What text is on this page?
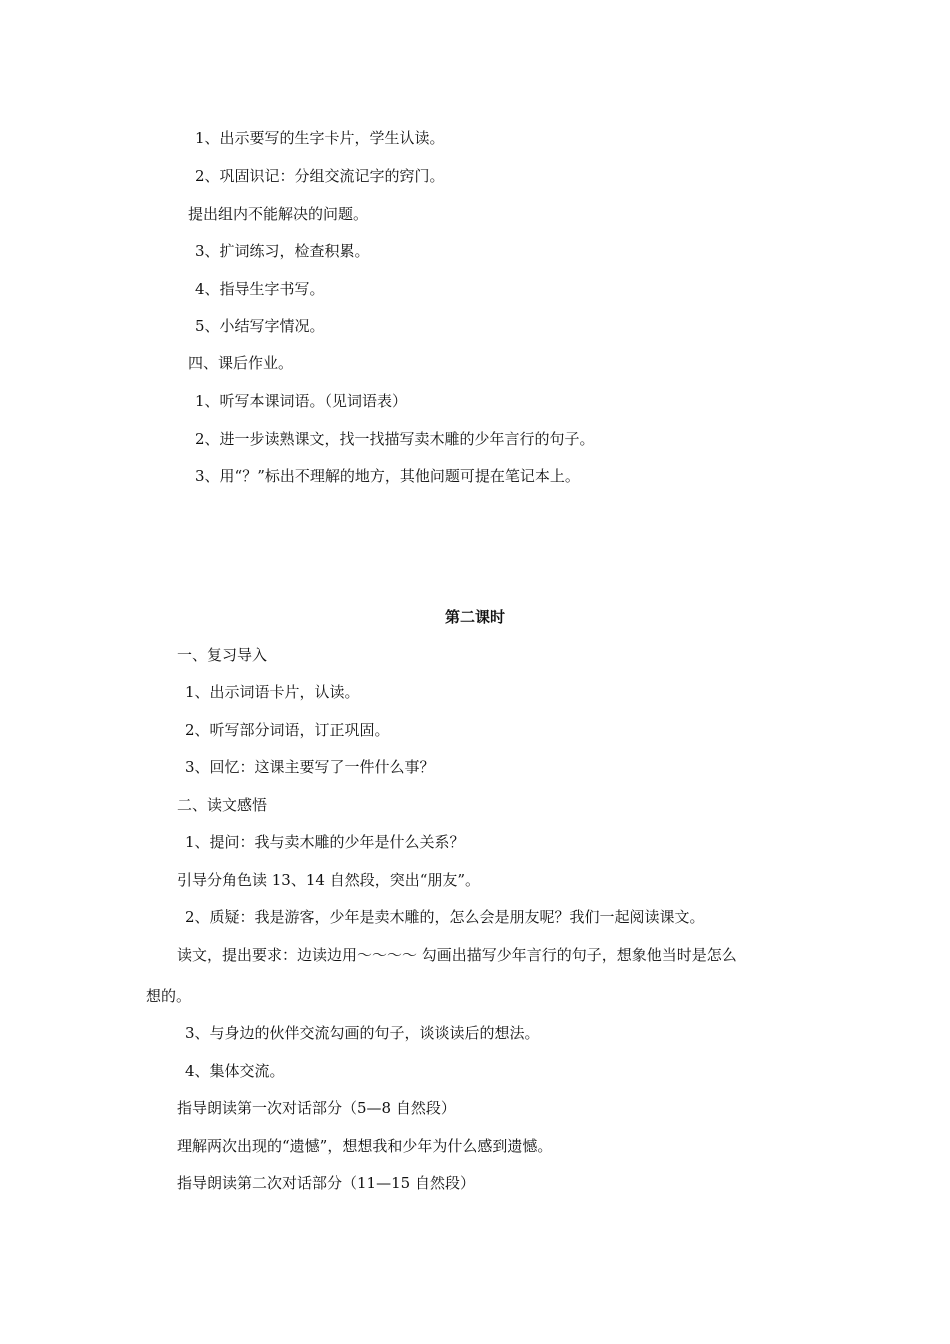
1、出示要写的生字卡片，学生认读。
2、巩固识记：分组交流记字的窍门。
提出组内不能解决的问题。
3、扩词练习，检查积累。
4、指导生字书写。
5、小结写字情况。
四、课后作业。
1、听写本课词语。（见词语表）
2、进一步读熟课文，找一找描写卖木雕的少年言行的句子。
3、用“？”标出不理解的地方，其他问题可提在笔记本上。
第二课时
一、复习导入
1、出示词语卡片，认读。
2、听写部分词语，订正巩固。
3、回忆：这课主要写了一件什么事？
二、读文感悟
1、提问：我与卖木雕的少年是什么关系？
引导分角色读 13、14 自然段，突出“朋友”。
2、质疑：我是游客，少年是卖木雕的，怎么会是朋友呢？我们一起阅读课文。
读文，提出要求：边读边用～～～～ 勾画出描写少年言行的句子，想象他当时是怎么
想的。
3、与身边的伙伴交流勾画的句子，谈谈读后的想法。
4、集体交流。
指导朗读第一次对话部分（5—8 自然段）
理解两次出现的“遗憾”，想想我和少年为什么感到遗憾。
指导朗读第二次对话部分（11—15 自然段）
